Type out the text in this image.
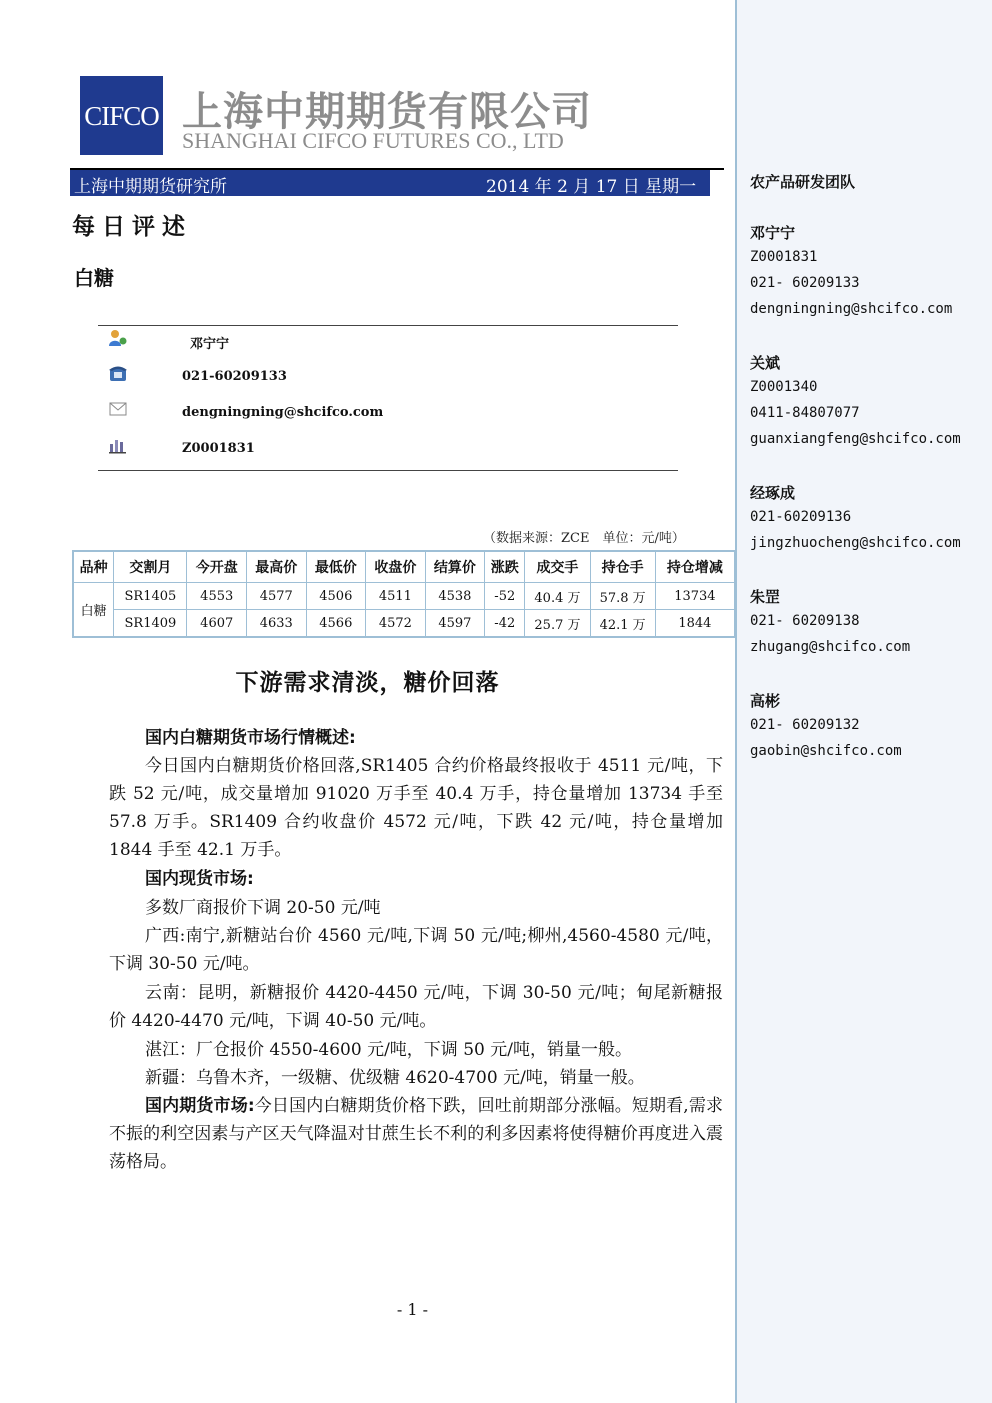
CIFCO 上海中期期货有限公司
SHANGHAI CIFCO FUTURES CO., LTD
上海中期期货研究所	2014 年 2 月 17 日 星期一
每日评述
白糖
邓宁宁
021-60209133
dengningning@shcifco.com
Z0001831
（数据来源：ZCE　单位：元/吨）
品种	交割月	今开盘	最高价	最低价	收盘价	结算价	涨跌	成交手	持仓手	持仓增减
白糖	SR1405	4553	4577	4506	4511	4538	-52	40.4 万	57.8 万	13734
	SR1409	4607	4633	4566	4572	4597	-42	25.7 万	42.1 万	1844
下游需求清淡，糖价回落
国内白糖期货市场行情概述:
今日国内白糖期货价格回落,SR1405 合约价格最终报收于 4511 元/吨，下跌 52 元/吨，成交量增加 91020 万手至 40.4 万手，持仓量增加 13734 手至 57.8 万手。SR1409 合约收盘价 4572 元/吨，下跌 42 元/吨，持仓量增加 1844 手至 42.1 万手。
国内现货市场:
多数厂商报价下调 20-50 元/吨
广西:南宁,新糖站台价 4560 元/吨,下调 50 元/吨;柳州,4560-4580 元/吨，下调 30-50 元/吨。
云南：昆明，新糖报价 4420-4450 元/吨，下调 30-50 元/吨；甸尾新糖报价 4420-4470 元/吨，下调 40-50 元/吨。
湛江：厂仓报价 4550-4600 元/吨，下调 50 元/吨，销量一般。
新疆：乌鲁木齐，一级糖、优级糖 4620-4700 元/吨，销量一般。
国内期货市场:今日国内白糖期货价格下跌，回吐前期部分涨幅。短期看,需求不振的利空因素与产区天气降温对甘蔗生长不利的利多因素将使得糖价再度进入震荡格局。
- 1 -
农产品研发团队
邓宁宁
Z0001831
021- 60209133
dengningning@shcifco.com
关斌
Z0001340
0411-84807077
guanxiangfeng@shcifco.com
经琢成
021-60209136
jingzhuocheng@shcifco.com
朱罡
021- 60209138
zhugang@shcifco.com
高彬
021- 60209132
gaobin@shcifco.com
